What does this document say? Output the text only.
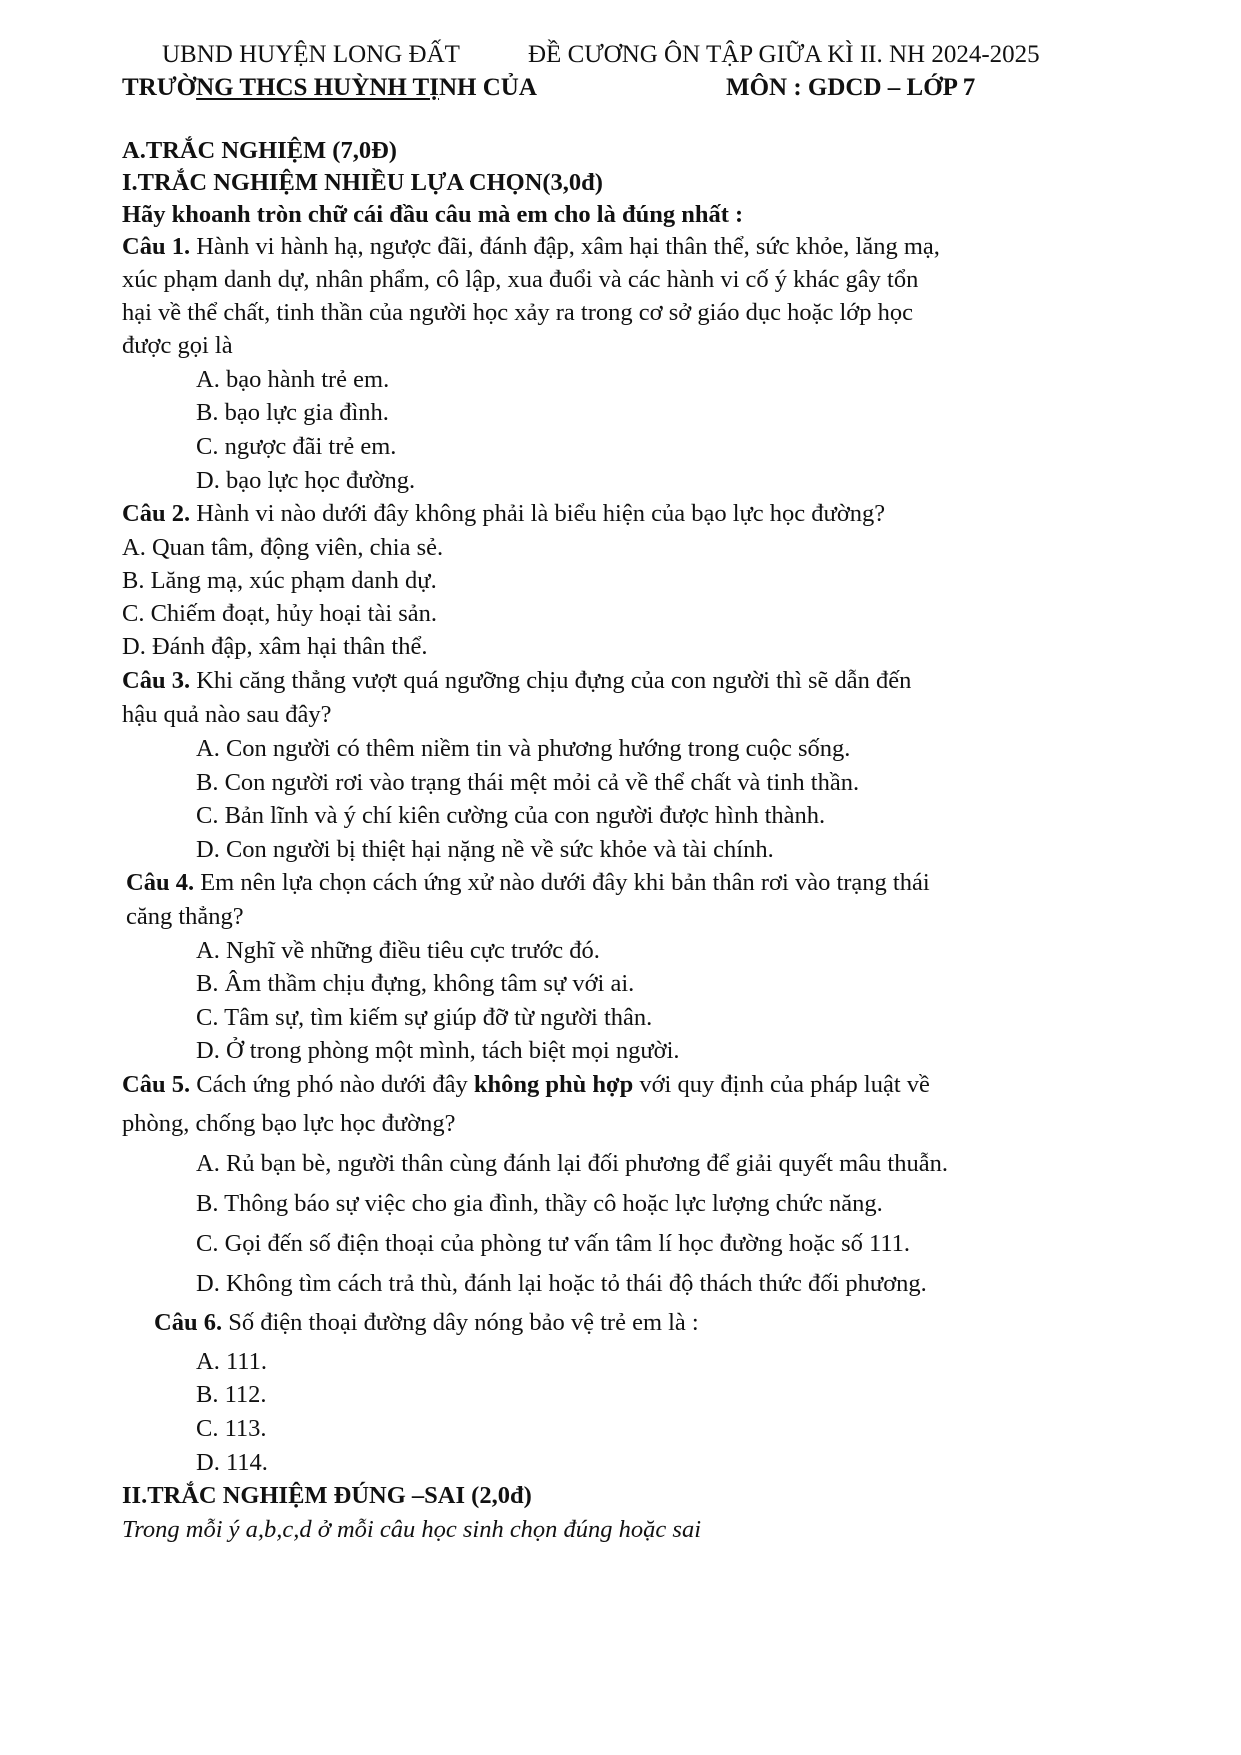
UBND HUYỆN LONG ĐẤT	ĐỀ CƯƠNG ÔN TẬP GIỮA KÌ II. NH 2024-2025
TRƯỜNG THCS HUỲNH TỊNH CỦA	MÔN : GDCD – LỚP 7
A.TRẮC NGHIỆM (7,0Đ)
I.TRẮC NGHIỆM NHIỀU LỰA CHỌN(3,0đ)
Hãy khoanh tròn chữ cái đầu câu mà em cho là đúng nhất :
Câu 1. Hành vi hành hạ, ngược đãi, đánh đập, xâm hại thân thể, sức khỏe, lăng mạ,
xúc phạm danh dự, nhân phẩm, cô lập, xua đuổi và các hành vi cố ý khác gây tổn
hại về thể chất, tinh thần của người học xảy ra trong cơ sở giáo dục hoặc lớp học
được gọi là
A. bạo hành trẻ em.
B. bạo lực gia đình.
C. ngược đãi trẻ em.
D. bạo lực học đường.
Câu 2. Hành vi nào dưới đây không phải là biểu hiện của bạo lực học đường?
A. Quan tâm, động viên, chia sẻ.
B. Lăng mạ, xúc phạm danh dự.
C. Chiếm đoạt, hủy hoại tài sản.
D. Đánh đập, xâm hại thân thể.
Câu 3. Khi căng thẳng vượt quá ngưỡng chịu đựng của con người thì sẽ dẫn đến
hậu quả nào sau đây?
A. Con người có thêm niềm tin và phương hướng trong cuộc sống.
B. Con người rơi vào trạng thái mệt mỏi cả về thể chất và tinh thần.
C. Bản lĩnh và ý chí kiên cường của con người được hình thành.
D. Con người bị thiệt hại nặng nề về sức khỏe và tài chính.
Câu 4. Em nên lựa chọn cách ứng xử nào dưới đây khi bản thân rơi vào trạng thái
căng thẳng?
A. Nghĩ về những điều tiêu cực trước đó.
B. Âm thầm chịu đựng, không tâm sự với ai.
C. Tâm sự, tìm kiếm sự giúp đỡ từ người thân.
D. Ở trong phòng một mình, tách biệt mọi người.
Câu 5. Cách ứng phó nào dưới đây không phù hợp với quy định của pháp luật về
phòng, chống bạo lực học đường?
A. Rủ bạn bè, người thân cùng đánh lại đối phương để giải quyết mâu thuẫn.
B. Thông báo sự việc cho gia đình, thầy cô hoặc lực lượng chức năng.
C. Gọi đến số điện thoại của phòng tư vấn tâm lí học đường hoặc số 111.
D. Không tìm cách trả thù, đánh lại hoặc tỏ thái độ thách thức đối phương.
Câu 6. Số điện thoại đường dây nóng bảo vệ trẻ em là :
A. 111.
B. 112.
C. 113.
D. 114.
II.TRẮC NGHIỆM ĐÚNG –SAI (2,0đ)
Trong mỗi ý a,b,c,d ở mỗi câu học sinh chọn đúng hoặc sai
